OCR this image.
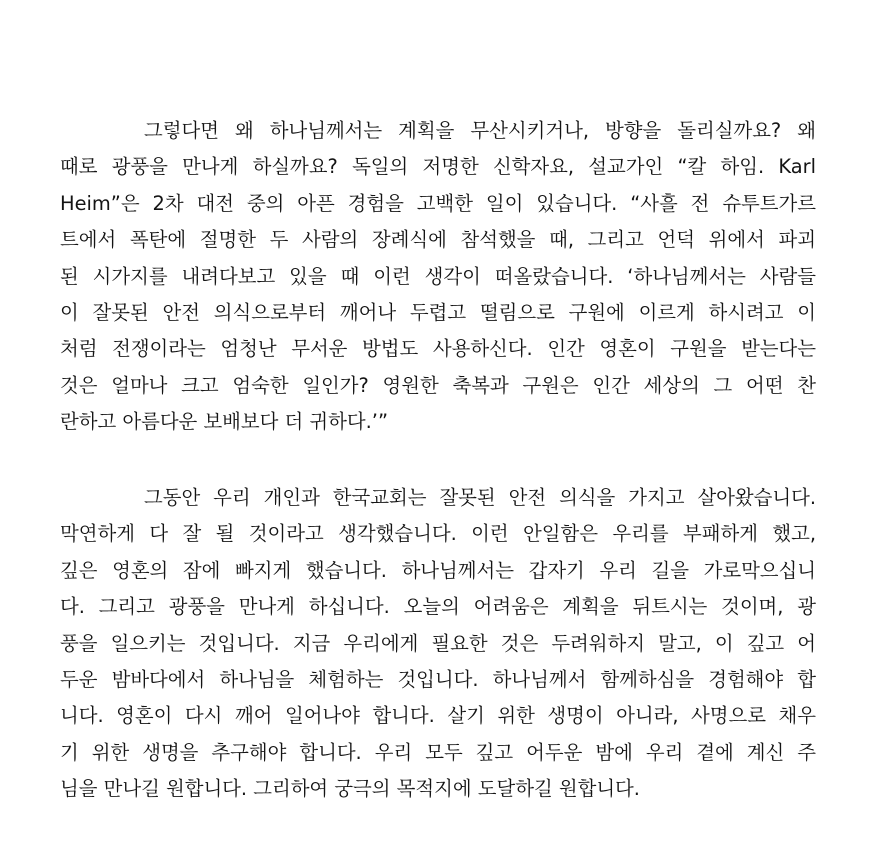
그렇다면 왜 하나님께서는 계획을 무산시키거나, 방향을 돌리실까요? 왜
때로 광풍을 만나게 하실까요? 독일의 저명한 신학자요, 설교가인 “칼 하임. Karl
Heim”은 2차 대전 중의 아픈 경험을 고백한 일이 있습니다. “사흘 전 슈투트가르
트에서 폭탄에 절명한 두 사람의 장례식에 참석했을 때, 그리고 언덕 위에서 파괴
된 시가지를 내려다보고 있을 때 이런 생각이 떠올랐습니다. ‘하나님께서는 사람들
이 잘못된 안전 의식으로부터 깨어나 두렵고 떨림으로 구원에 이르게 하시려고 이
처럼 전쟁이라는 엄청난 무서운 방법도 사용하신다. 인간 영혼이 구원을 받는다는
것은 얼마나 크고 엄숙한 일인가? 영원한 축복과 구원은 인간 세상의 그 어떤 찬
란하고 아름다운 보배보다 더 귀하다.’”
그동안 우리 개인과 한국교회는 잘못된 안전 의식을 가지고 살아왔습니다.
막연하게 다 잘 될 것이라고 생각했습니다. 이런 안일함은 우리를 부패하게 했고,
깊은 영혼의 잠에 빠지게 했습니다. 하나님께서는 갑자기 우리 길을 가로막으십니
다. 그리고 광풍을 만나게 하십니다. 오늘의 어려움은 계획을 뒤트시는 것이며, 광
풍을 일으키는 것입니다. 지금 우리에게 필요한 것은 두려워하지 말고, 이 깊고 어
두운 밤바다에서 하나님을 체험하는 것입니다. 하나님께서 함께하심을 경험해야 합
니다. 영혼이 다시 깨어 일어나야 합니다. 살기 위한 생명이 아니라, 사명으로 채우
기 위한 생명을 추구해야 합니다. 우리 모두 깊고 어두운 밤에 우리 곁에 계신 주
님을 만나길 원합니다. 그리하여 궁극의 목적지에 도달하길 원합니다.
